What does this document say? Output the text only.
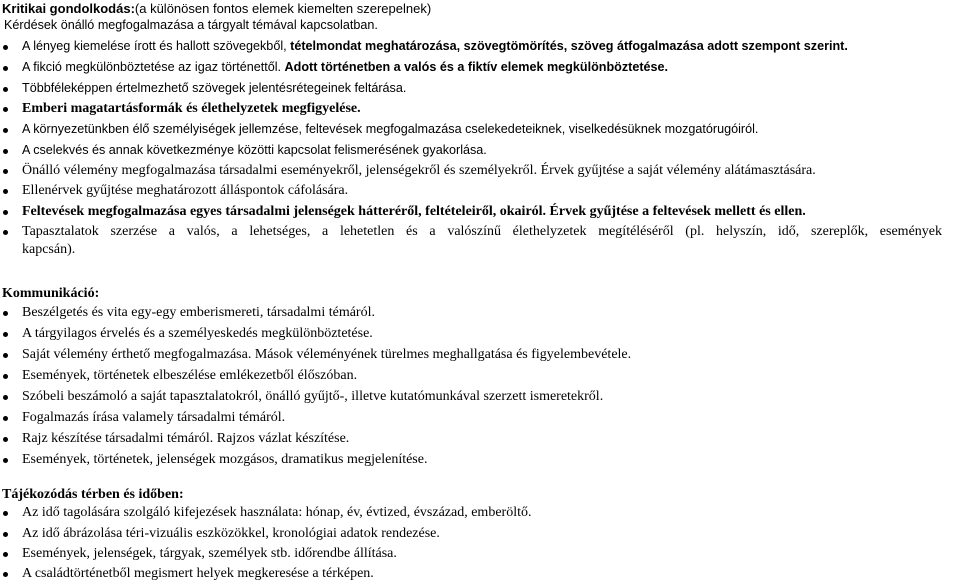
Kritikai gondolkodás:(a különösen fontos elemek kiemelten szerepelnek)
Kérdések önálló megfogalmazása a tárgyalt témával kapcsolatban.
A lényeg kiemelése írott és hallott szövegekből, tételmondat meghatározása, szövegtömörítés, szöveg átfogalmazása adott szempont szerint.
A fikció megkülönböztetése az igaz történettől. Adott történetben a valós és a fiktív elemek megkülönböztetése.
Többféleképpen értelmezhető szövegek jelentésrétegeinek feltárása.
Emberi magatartásformák és élethelyzetek megfigyelése.
A környezetünkben élő személyiségek jellemzése, feltevések megfogalmazása cselekedeteiknek, viselkedésüknek mozgatórugóiról.
A cselekvés és annak következménye közötti kapcsolat felismerésének gyakorlása.
Önálló vélemény megfogalmazása társadalmi eseményekről, jelenségekről és személyekről. Érvek gyűjtése a saját vélemény alátámasztására.
Ellenérvek gyűjtése meghatározott álláspontok cáfolására.
Feltevések megfogalmazása egyes társadalmi jelenségek hátteréről, feltételeiről, okairól. Érvek gyűjtése a feltevések mellett és ellen.
Tapasztalatok szerzése a valós, a lehetséges, a lehetetlen és a valószínű élethelyzetek megítéléséről (pl. helyszín, idő, szereplők, események
kapcsán).
Kommunikáció:
Beszélgetés és vita egy-egy emberismereti, társadalmi témáról.
A tárgyilagos érvelés és a személyeskedés megkülönböztetése.
Saját vélemény érthető megfogalmazása. Mások véleményének türelmes meghallgatása és figyelembevétele.
Események, történetek elbeszélése emlékezetből élőszóban.
Szóbeli beszámoló a saját tapasztalatokról, önálló gyűjtő-, illetve kutatómunkával szerzett ismeretekről.
Fogalmazás írása valamely társadalmi témáról.
Rajz készítése társadalmi témáról. Rajzos vázlat készítése.
Események, történetek, jelenségek mozgásos, dramatikus megjelenítése.
Tájékozódás térben és időben:
Az idő tagolására szolgáló kifejezések használata: hónap, év, évtized, évszázad, emberöltő.
Az idő ábrázolása téri-vizuális eszközökkel, kronológiai adatok rendezése.
Események, jelenségek, tárgyak, személyek stb. időrendbe állítása.
A családtörténetből megismert helyek megkeresése a térképen.
